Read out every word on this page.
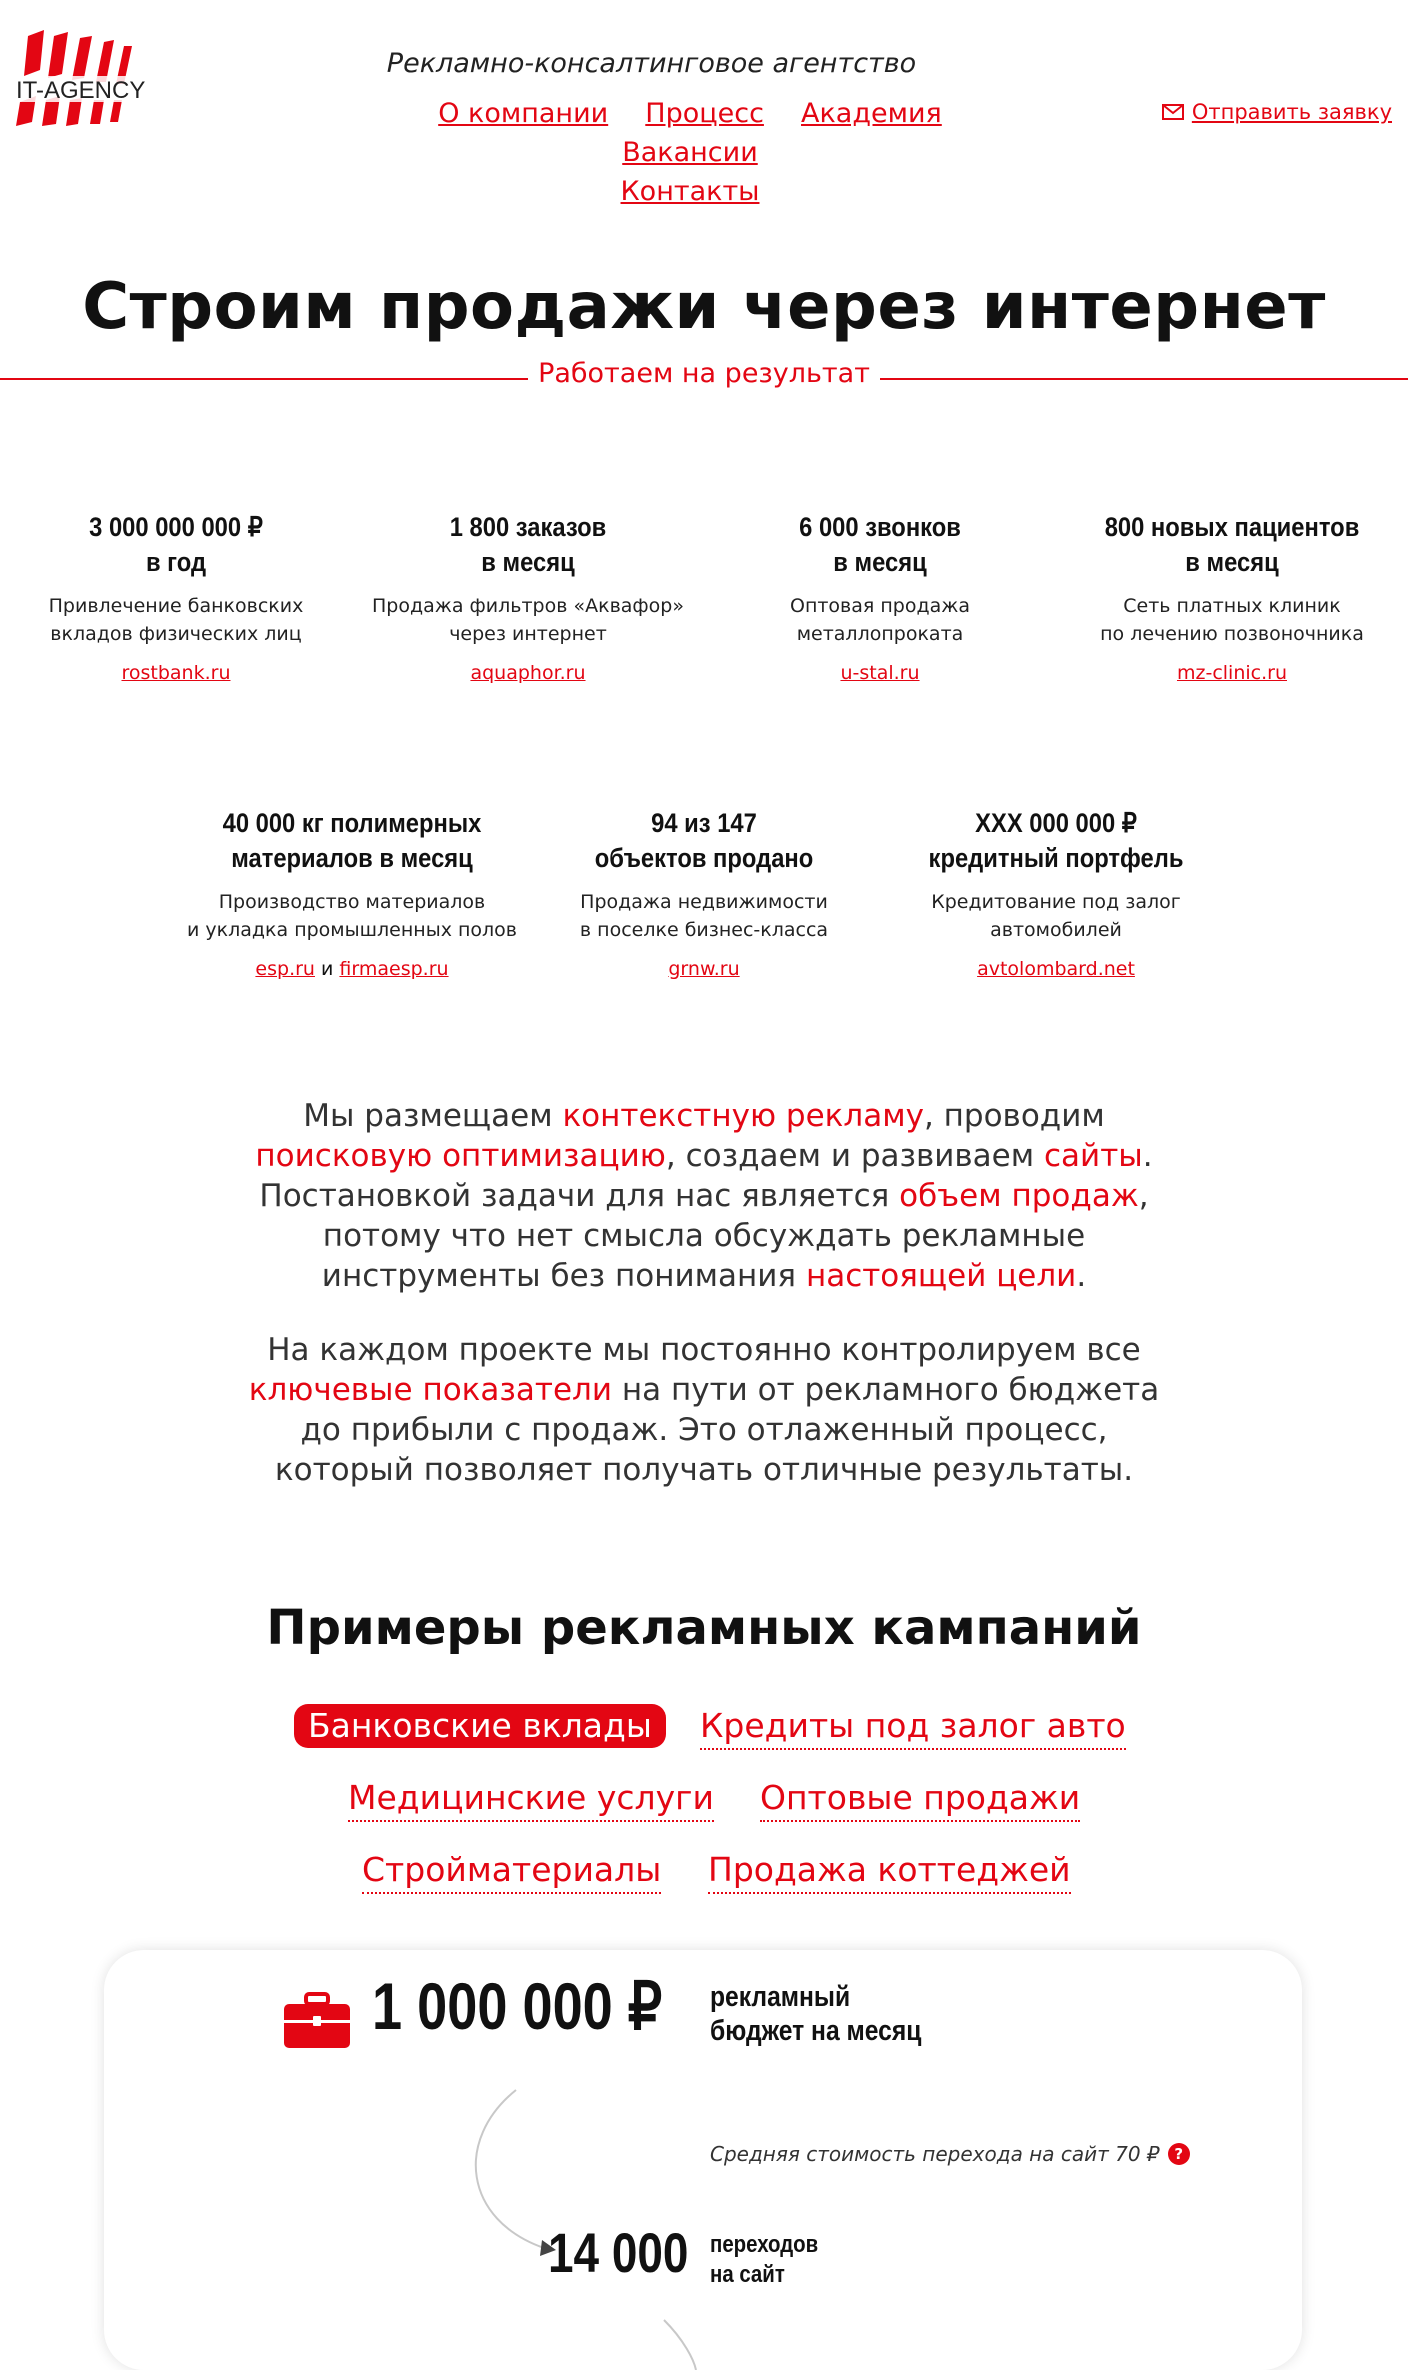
IT-AGENCY
Рекламно-консалтинговое агентство
О компании Процесс Академия Вакансии
Контакты
Отправить заявку
Строим продажи через интернет
Работаем на результат
3 000 000 000 ₽
в год
Привлечение банковских
вкладов физических лиц
rostbank.ru
1 800 заказов
в месяц
Продажа фильтров «Аквафор»
через интернет
aquaphor.ru
6 000 звонков
в месяц
Оптовая продажа
металлопроката
u-stal.ru
800 новых пациентов
в месяц
Сеть платных клиник
по лечению позвоночника
mz-clinic.ru
40 000 кг полимерных
материалов в месяц
Производство материалов
и укладка промышленных полов
esp.ru и firmaesp.ru
94 из 147
объектов продано
Продажа недвижимости
в поселке бизнес-класса
grnw.ru
XXX 000 000 ₽
кредитный портфель
Кредитование под залог
автомобилей
avtolombard.net

Мы размещаем контекстную рекламу, проводим поисковую оптимизацию, создаем и развиваем сайты. Постановкой задачи для нас является объем продаж, потому что нет смысла обсуждать рекламные инструменты без понимания настоящей цели.

На каждом проекте мы постоянно контролируем все ключевые показатели на пути от рекламного бюджета до прибыли с продаж. Это отлаженный процесс, который позволяет получать отличные результаты.

Примеры рекламных кампаний
Банковские вклады	Кредиты под залог авто
Медицинские услуги Оптовые продажи
Стройматериалы Продажа коттеджей
1 000 000 ₽ рекламный
бюджет на месяц
Средняя стоимость перехода на сайт 70 ₽ ?
14 000 переходов
на сайт
